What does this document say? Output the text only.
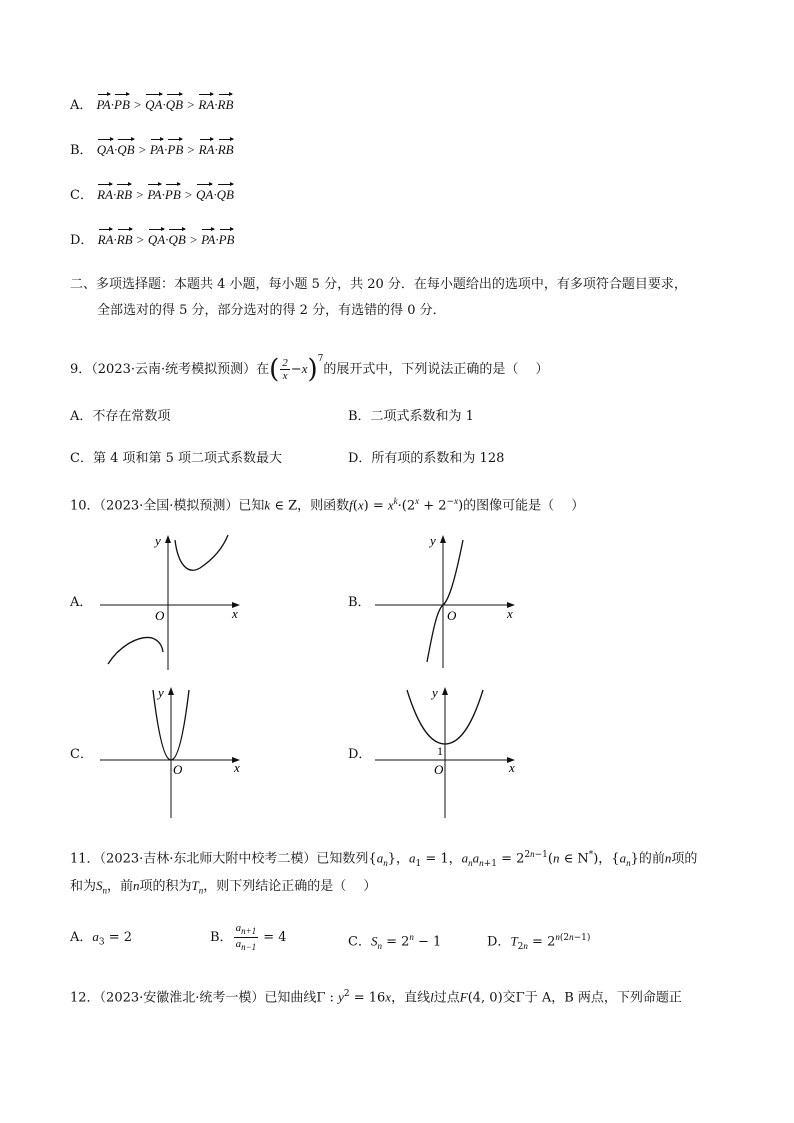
A． PA·PB > QA·QB > RA·RB
B． QA·QB > PA·PB > RA·RB
C． RA·RB > PA·PB > QA·QB
D． RA·RB > QA·QB > PA·PB
二、多项选择题：本题共 4 小题，每小题 5 分，共 20 分．在每小题给出的选项中，有多项符合题目要求，
全部选对的得 5 分，部分选对的得 2 分，有选错的得 0 分．
9．（2023·云南·统考模拟预测）在( $\frac{2}{x} -x)^7$的展开式中，下列说法正确的是（　 ）
A．不存在常数项	B．二项式系数和为 1
C．第 4 项和第 5 项二项式系数最大	D．所有项的系数和为 128
10．（2023·全国·模拟预测）已知k ∈ Z，则函数$f(x) = x^k\cdot(2^x + 2^{-x})$的图像可能是（　 ）
A．	B．
C．	D．
y
x
O
y
x
O
y
x
O
y
x
O
1
11．（2023·吉林·东北师大附中校考二模）已知数列$\{a_n\}$，$a_1 = 1$，$a_na_{n+1} = 2^{2n-1}(n$ ∈ N*)，$\{a_n\}$的前n项的
和为$S_n$，前n项的积为$T_n$，则下列结论正确的是（　 ）
A．$a_3 = 2$	B． $\frac{a_{n+1}}{a_{n-1}} = 4$	C．$S_n = 2^n - 1$	D．$T_{2n} = 2^{n(2n-1)}$
12．（2023·安徽淮北·统考一模）已知曲线Γ : $y^2 = 16x$，直线l过点F(4, 0)交Γ于 A，B 两点，下列命题正
